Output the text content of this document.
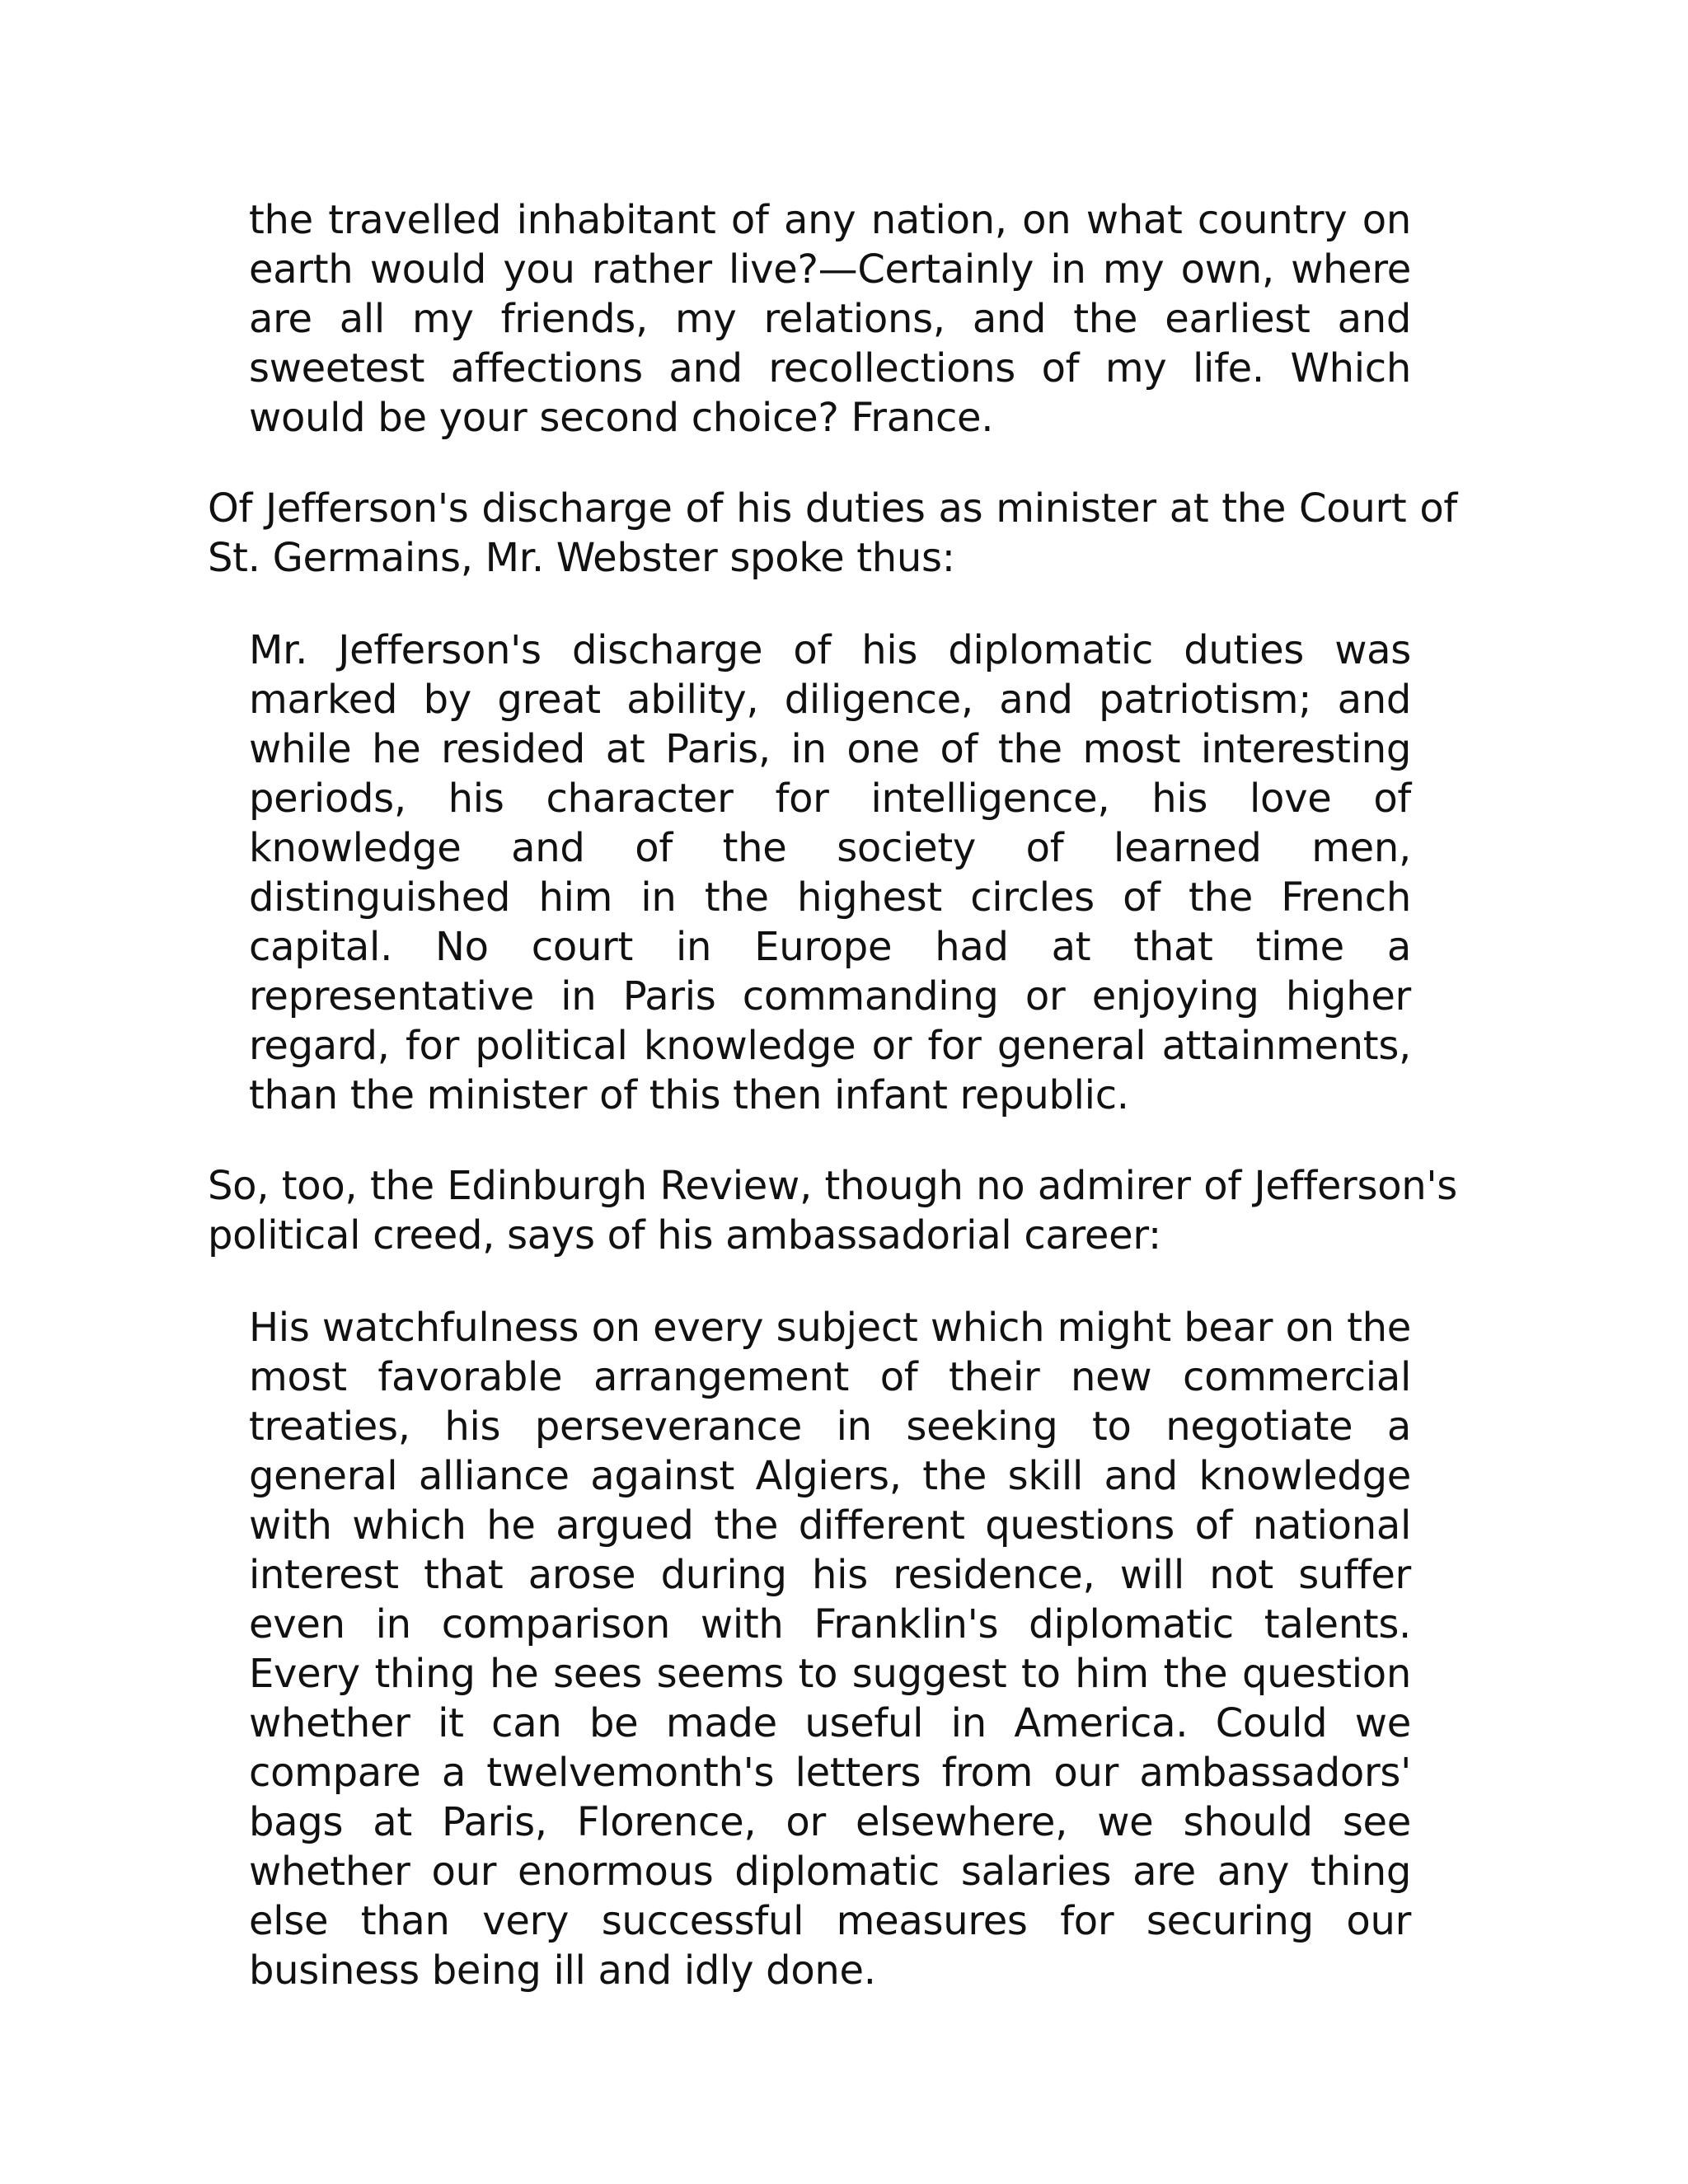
the travelled inhabitant of any nation, on what country on earth would you rather live?—Certainly in my own, where are all my friends, my relations, and the earliest and sweetest affections and recollections of my life. Which would be your second choice? France.

Of Jefferson's discharge of his duties as minister at the Court of St. Germains, Mr. Webster spoke thus:

Mr. Jefferson's discharge of his diplomatic duties was marked by great ability, diligence, and patriotism; and while he resided at Paris, in one of the most interesting periods, his character for intelligence, his love of knowledge and of the society of learned men, distinguished him in the highest circles of the French capital. No court in Europe had at that time a representative in Paris commanding or enjoying higher regard, for political knowledge or for general attainments, than the minister of this then infant republic.

So, too, the Edinburgh Review, though no admirer of Jefferson's political creed, says of his ambassadorial career:

His watchfulness on every subject which might bear on the most favorable arrangement of their new commercial treaties, his perseverance in seeking to negotiate a general alliance against Algiers, the skill and knowledge with which he argued the different questions of national interest that arose during his residence, will not suffer even in comparison with Franklin's diplomatic talents. Every thing he sees seems to suggest to him the question whether it can be made useful in America. Could we compare a twelvemonth's letters from our ambassadors' bags at Paris, Florence, or elsewhere, we should see whether our enormous diplomatic salaries are any thing else than very successful measures for securing our business being ill and idly done.
